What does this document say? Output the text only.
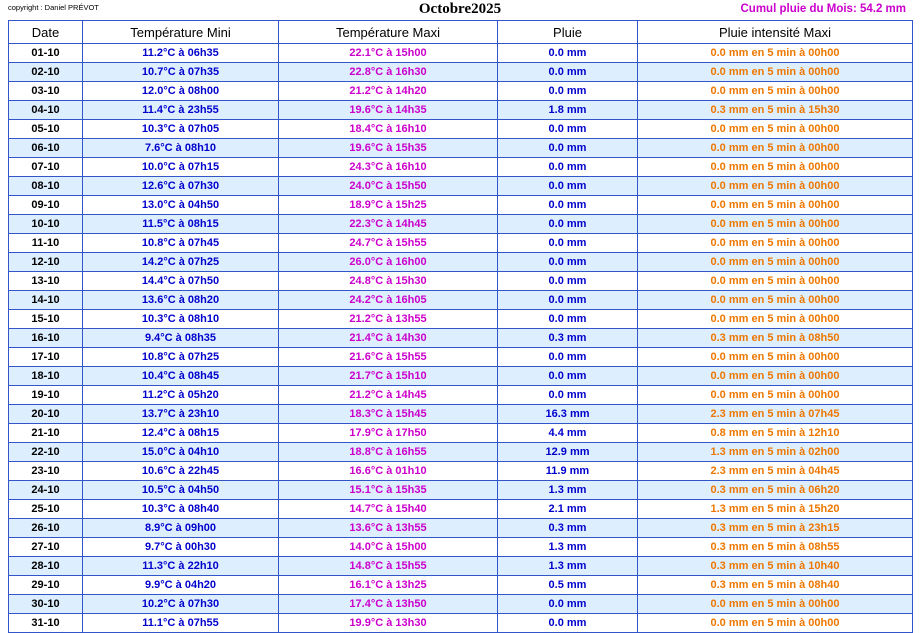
copyright : Daniel PRÉVOT	Octobre2025	Cumul pluie du Mois: 54.2 mm
Date	Température Mini	Température Maxi	Pluie	Pluie intensité Maxi
01-10	11.2°C à 06h35	22.1°C à 15h00	0.0 mm	0.0 mm en 5 min à 00h00
02-10	10.7°C à 07h35	22.8°C à 16h30	0.0 mm	0.0 mm en 5 min à 00h00
03-10	12.0°C à 08h00	21.2°C à 14h20	0.0 mm	0.0 mm en 5 min à 00h00
04-10	11.4°C à 23h55	19.6°C à 14h35	1.8 mm	0.3 mm en 5 min à 15h30
05-10	10.3°C à 07h05	18.4°C à 16h10	0.0 mm	0.0 mm en 5 min à 00h00
06-10	7.6°C à 08h10	19.6°C à 15h35	0.0 mm	0.0 mm en 5 min à 00h00
07-10	10.0°C à 07h15	24.3°C à 16h10	0.0 mm	0.0 mm en 5 min à 00h00
08-10	12.6°C à 07h30	24.0°C à 15h50	0.0 mm	0.0 mm en 5 min à 00h00
09-10	13.0°C à 04h50	18.9°C à 15h25	0.0 mm	0.0 mm en 5 min à 00h00
10-10	11.5°C à 08h15	22.3°C à 14h45	0.0 mm	0.0 mm en 5 min à 00h00
11-10	10.8°C à 07h45	24.7°C à 15h55	0.0 mm	0.0 mm en 5 min à 00h00
12-10	14.2°C à 07h25	26.0°C à 16h00	0.0 mm	0.0 mm en 5 min à 00h00
13-10	14.4°C à 07h50	24.8°C à 15h30	0.0 mm	0.0 mm en 5 min à 00h00
14-10	13.6°C à 08h20	24.2°C à 16h05	0.0 mm	0.0 mm en 5 min à 00h00
15-10	10.3°C à 08h10	21.2°C à 13h55	0.0 mm	0.0 mm en 5 min à 00h00
16-10	9.4°C à 08h35	21.4°C à 14h30	0.3 mm	0.3 mm en 5 min à 08h50
17-10	10.8°C à 07h25	21.6°C à 15h55	0.0 mm	0.0 mm en 5 min à 00h00
18-10	10.4°C à 08h45	21.7°C à 15h10	0.0 mm	0.0 mm en 5 min à 00h00
19-10	11.2°C à 05h20	21.2°C à 14h45	0.0 mm	0.0 mm en 5 min à 00h00
20-10	13.7°C à 23h10	18.3°C à 15h45	16.3 mm	2.3 mm en 5 min à 07h45
21-10	12.4°C à 08h15	17.9°C à 17h50	4.4 mm	0.8 mm en 5 min à 12h10
22-10	15.0°C à 04h10	18.8°C à 16h55	12.9 mm	1.3 mm en 5 min à 02h00
23-10	10.6°C à 22h45	16.6°C à 01h10	11.9 mm	2.3 mm en 5 min à 04h45
24-10	10.5°C à 04h50	15.1°C à 15h35	1.3 mm	0.3 mm en 5 min à 06h20
25-10	10.3°C à 08h40	14.7°C à 15h40	2.1 mm	1.3 mm en 5 min à 15h20
26-10	8.9°C à 09h00	13.6°C à 13h55	0.3 mm	0.3 mm en 5 min à 23h15
27-10	9.7°C à 00h30	14.0°C à 15h00	1.3 mm	0.3 mm en 5 min à 08h55
28-10	11.3°C à 22h10	14.8°C à 15h55	1.3 mm	0.3 mm en 5 min à 10h40
29-10	9.9°C à 04h20	16.1°C à 13h25	0.5 mm	0.3 mm en 5 min à 08h40
30-10	10.2°C à 07h30	17.4°C à 13h50	0.0 mm	0.0 mm en 5 min à 00h00
31-10	11.1°C à 07h55	19.9°C à 13h30	0.0 mm	0.0 mm en 5 min à 00h00
